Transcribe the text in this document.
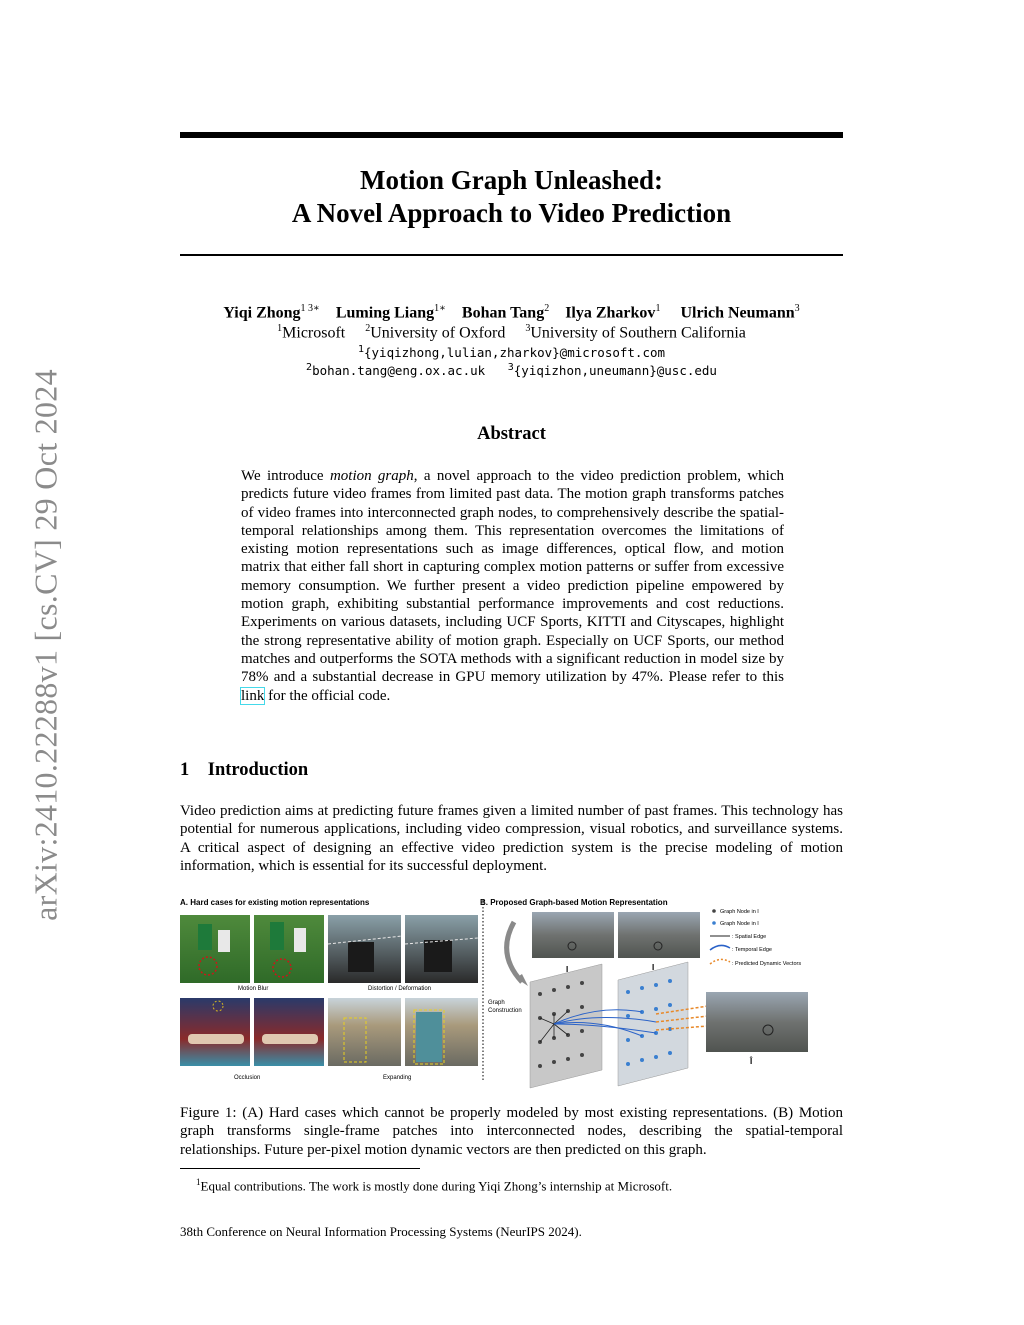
arXiv:2410.22288v1 [cs.CV] 29 Oct 2024
Motion Graph Unleashed:
A Novel Approach to Video Prediction
Yiqi Zhong$^{1 3∗}$ Luming Liang$^{1∗}$ Bohan Tang$^2$ Ilya Zharkov$^1$ Ulrich Neumann$^3$
$^1$Microsoft $^2$University of Oxford $^3$University of Southern California
$^1${yiqizhong,lulian,zharkov}@microsoft.com
$^2$bohan.tang@eng.ox.ac.uk $^3${yiqizhon,uneumann}@usc.edu
Abstract
We introduce motion graph, a novel approach to the video prediction problem, which predicts future video frames from limited past data. The motion graph transforms patches of video frames into interconnected graph nodes, to comprehensively describe the spatial-temporal relationships among them. This representation overcomes the limitations of existing motion representations such as image differences, optical flow, and motion matrix that either fall short in capturing complex motion patterns or suffer from excessive memory consumption. We further present a video prediction pipeline empowered by motion graph, exhibiting substantial performance improvements and cost reductions. Experiments on various datasets, including UCF Sports, KITTI and Cityscapes, highlight the strong representative ability of motion graph. Especially on UCF Sports, our method matches and outperforms the SOTA methods with a significant reduction in model size by 78% and a substantial decrease in GPU memory utilization by 47%. Please refer to this link for the official code.
1 Introduction
Video prediction aims at predicting future frames given a limited number of past frames. This technology has potential for numerous applications, including video compression, visual robotics, and surveillance systems. A critical aspect of designing an effective video prediction system is the precise modeling of motion information, which is essential for its successful deployment.
A. Hard cases for existing motion representations
Motion Blur	Distortion / Deformation
Occlusion	Expanding
B. Proposed Graph-based Motion Representation
Graph
Construction
I	I
Î
Graph Node in I
Graph Node in I
: Spatial Edge
: Temporal Edge
: Predicted Dynamic Vectors
Figure 1: (A) Hard cases which cannot be properly modeled by most existing representations. (B) Motion graph transforms single-frame patches into interconnected nodes, describing the spatial-temporal relationships. Future per-pixel motion dynamic vectors are then predicted on this graph.
$^1$Equal contributions. The work is mostly done during Yiqi Zhong’s internship at Microsoft.
38th Conference on Neural Information Processing Systems (NeurIPS 2024).
